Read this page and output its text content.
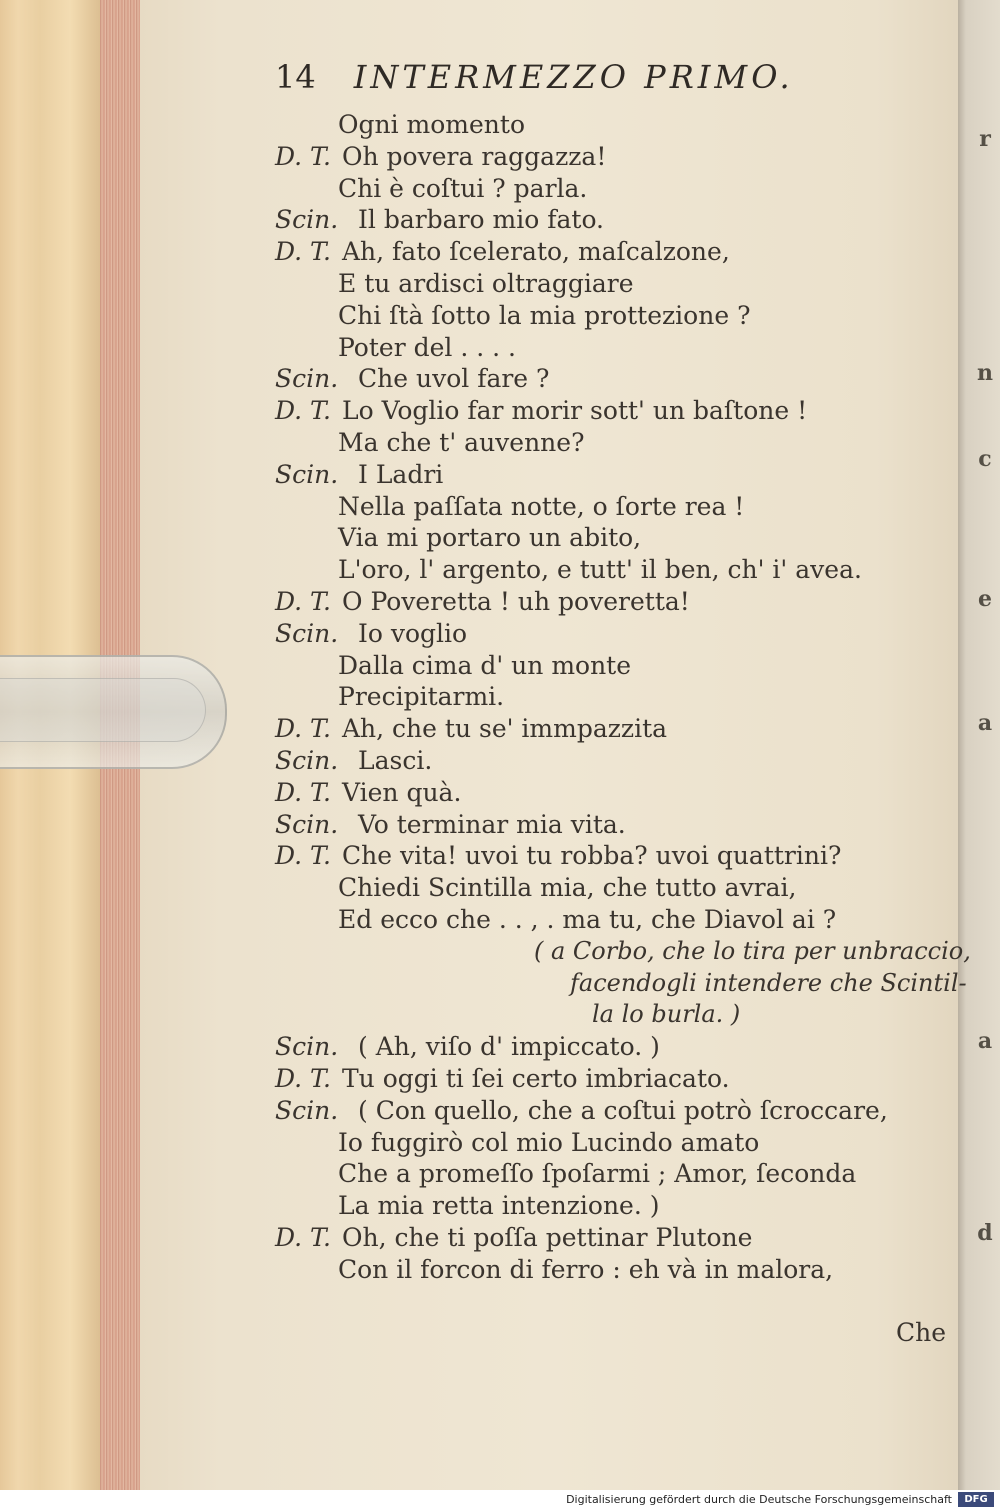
r
n
c
e
a
a
d
14 INTERMEZZO PRIMO.
Ogni momento
D. T. Oh povera raggazza!
Chi è coſtui ? parla.
Scin. Il barbaro mio fato.
D. T. Ah, fato ſcelerato, maſcalzone,
E tu ardisci oltraggiare
Chi ſtà ſotto la mia prottezione ?
Poter del . . . .
Scin. Che uvol fare ?
D. T. Lo Voglio far morir sott' un baſtone !
Ma che t' auvenne?
Scin. I Ladri
Nella paſſata notte, o ſorte rea !
Via mi portaro un abito,
L'oro, l' argento, e tutt' il ben, ch' i' avea.
D. T. O Poveretta ! uh poveretta!
Scin. Io voglio
Dalla cima d' un monte
Precipitarmi.
D. T. Ah, che tu se' immpazzita
Scin. Lasci.
D. T. Vien quà.
Scin. Vo terminar mia vita.
D. T. Che vita! uvoi tu robba? uvoi quattrini?
Chiedi Scintilla mia, che tutto avrai,
Ed ecco che . . , . ma tu, che Diavol ai ?
( a Corbo, che lo tira per unbraccio,
facendogli intendere che Scintil-
la lo burla. )
Scin. ( Ah, viſo d' impiccato. )
D. T. Tu oggi ti ſei certo imbriacato.
Scin. ( Con quello, che a coſtui potrò ſcroccare,
Io fuggirò col mio Lucindo amato
Che a promeſſo ſpoſarmi ; Amor, ſeconda
La mia retta intenzione. )
D. T. Oh, che ti poſſa pettinar Plutone
Con il forcon di ferro : eh và in malora,
Che
Digitalisierung gefördert durch die Deutsche Forschungsgemeinschaft	DFG
